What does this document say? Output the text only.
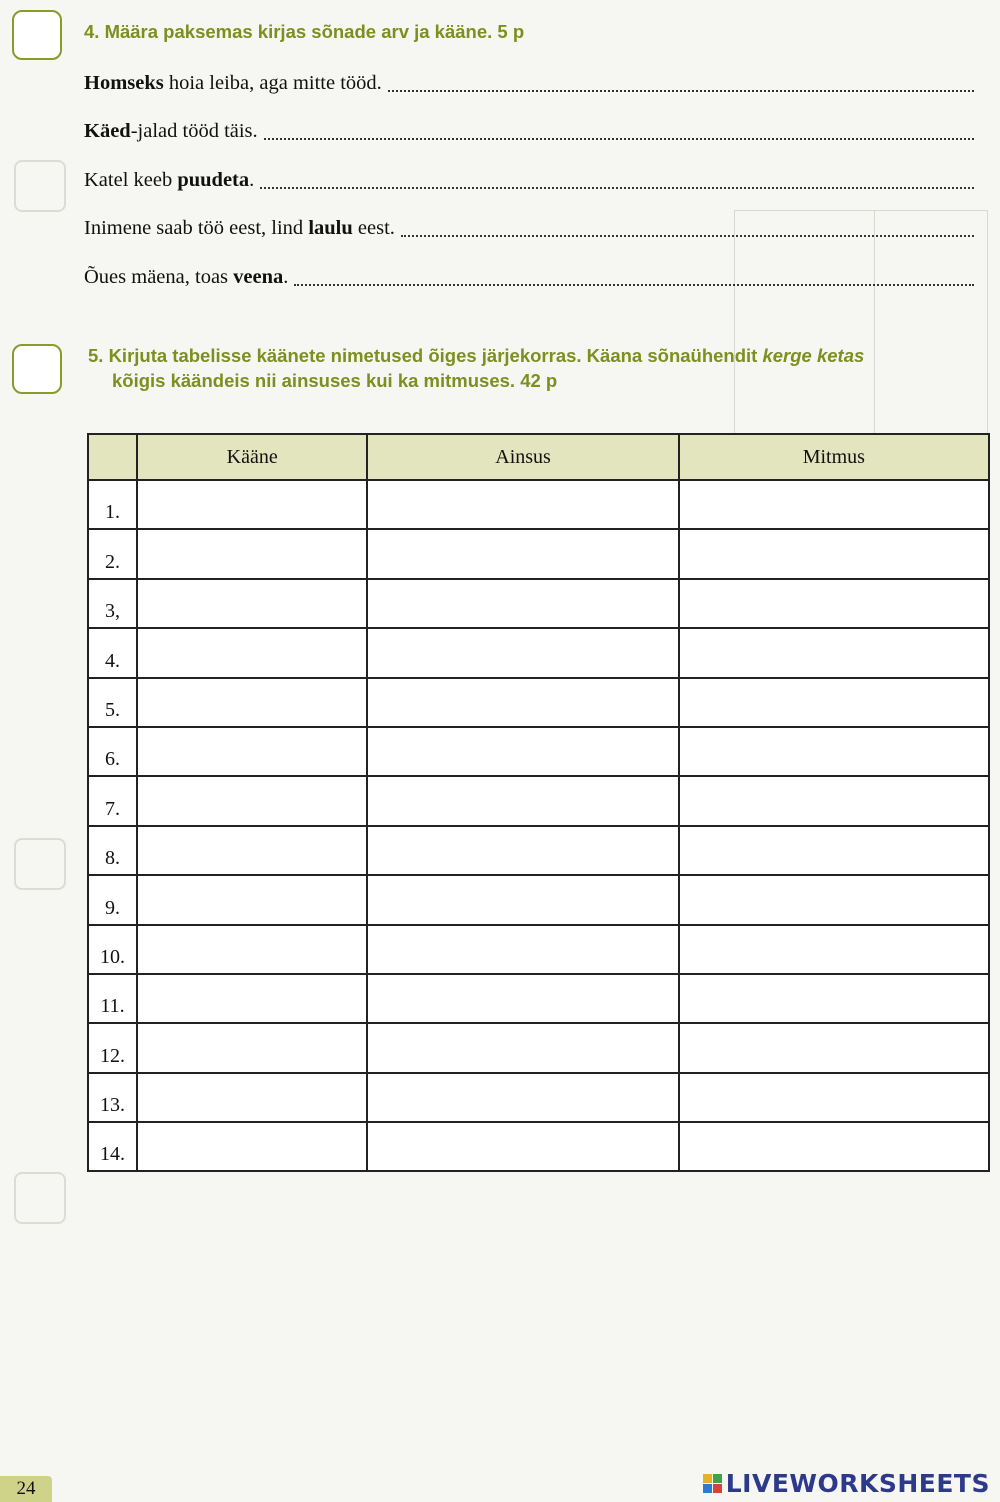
4. Määra paksemas kirjas sõnade arv ja kääne. 5 p
Homseks hoia leiba, aga mitte tööd.
Käed-jalad tööd täis.
Katel keeb puudeta.
Inimene saab töö eest, lind laulu eest.
Õues mäena, toas veena.
5. Kirjuta tabelisse käänete nimetused õiges järjekorras. Käana sõnaühendit kerge ketas
kõigis käändeis nii ainsuses kui ka mitmuses. 42 p
	Kääne	Ainsus	Mitmus
1.	

2.	

3,	

4.	

5.	

6.	

7.	

8.	

9.	

10.	

11.	

12.	

13.	

14.	

24	LIVEWORKSHEETS
